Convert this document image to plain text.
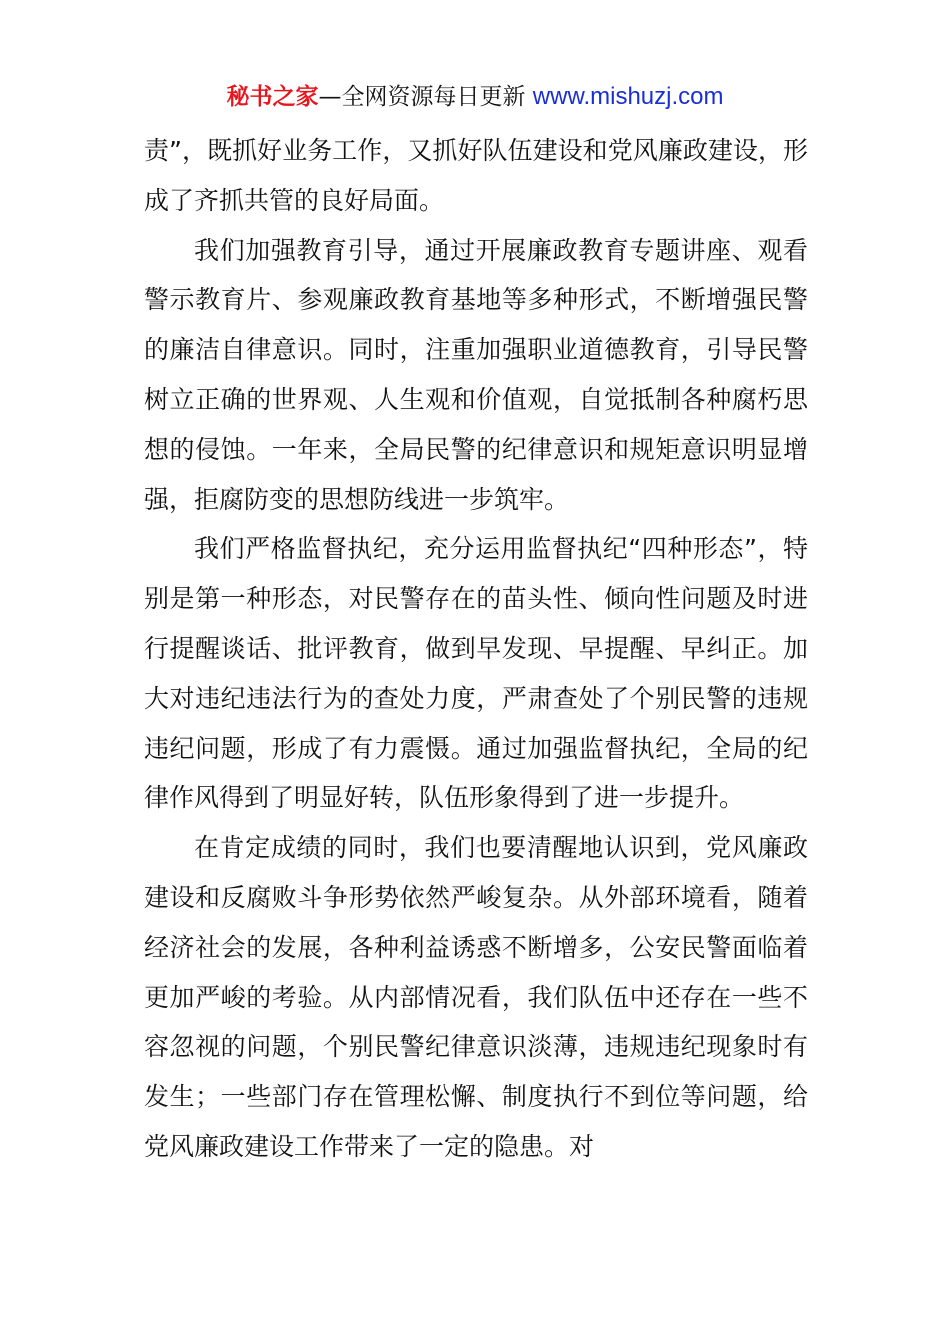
秘书之家—全网资源每日更新 www.mishuzj.com

责”，既抓好业务工作，又抓好队伍建设和党风廉政建设，形成了齐抓共管的良好局面。

我们加强教育引导，通过开展廉政教育专题讲座、观看警示教育片、参观廉政教育基地等多种形式，不断增强民警的廉洁自律意识。同时，注重加强职业道德教育，引导民警树立正确的世界观、人生观和价值观，自觉抵制各种腐朽思想的侵蚀。一年来，全局民警的纪律意识和规矩意识明显增强，拒腐防变的思想防线进一步筑牢。

我们严格监督执纪，充分运用监督执纪“四种形态”，特别是第一种形态，对民警存在的苗头性、倾向性问题及时进行提醒谈话、批评教育，做到早发现、早提醒、早纠正。加大对违纪违法行为的查处力度，严肃查处了个别民警的违规违纪问题，形成了有力震慑。通过加强监督执纪，全局的纪律作风得到了明显好转，队伍形象得到了进一步提升。

在肯定成绩的同时，我们也要清醒地认识到，党风廉政建设和反腐败斗争形势依然严峻复杂。从外部环境看，随着经济社会的发展，各种利益诱惑不断增多，公安民警面临着更加严峻的考验。从内部情况看，我们队伍中还存在一些不容忽视的问题，个别民警纪律意识淡薄，违规违纪现象时有发生；一些部门存在管理松懈、制度执行不到位等问题，给党风廉政建设工作带来了一定的隐患。对
